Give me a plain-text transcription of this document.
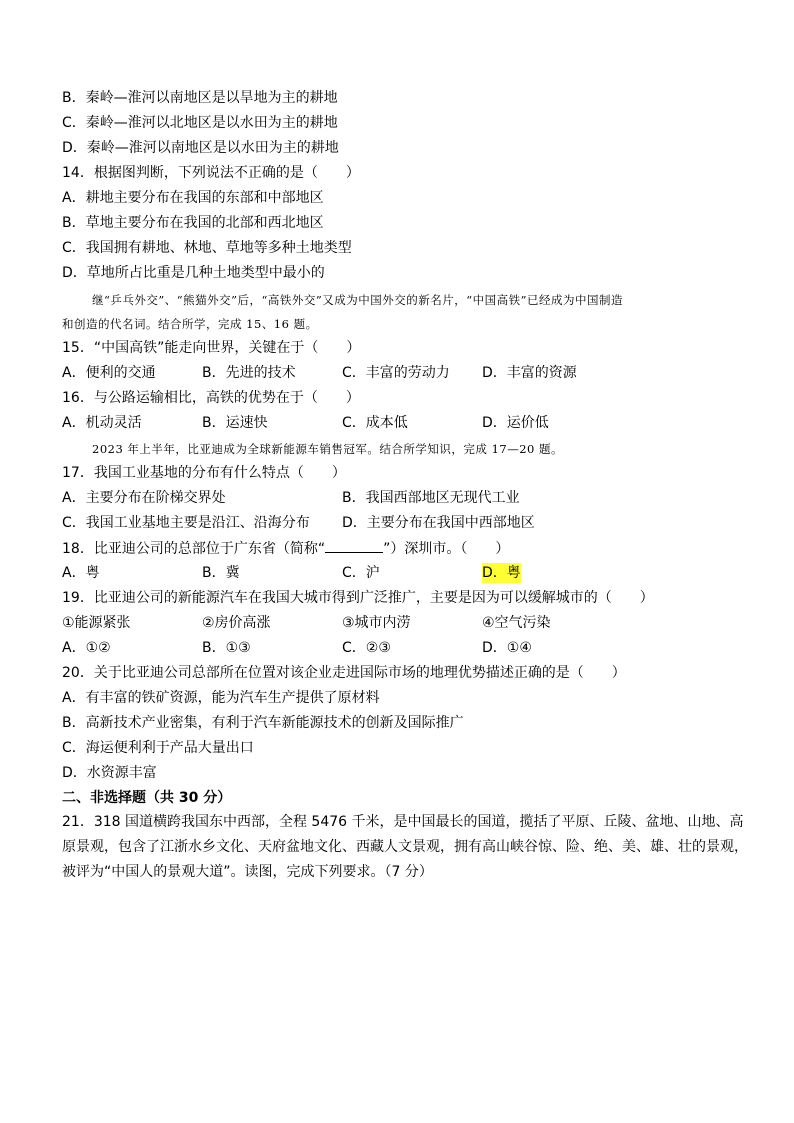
B．秦岭—淮河以南地区是以旱地为主的耕地
C．秦岭—淮河以北地区是以水田为主的耕地
D．秦岭—淮河以南地区是以水田为主的耕地
14．根据图判断，下列说法不正确的是（　　）
A．耕地主要分布在我国的东部和中部地区
B．草地主要分布在我国的北部和西北地区
C．我国拥有耕地、林地、草地等多种土地类型
D．草地所占比重是几种土地类型中最小的
继“乒乓外交”、“熊猫外交”后，“高铁外交”又成为中国外交的新名片，“中国高铁”已经成为中国制造
和创造的代名词。结合所学，完成 15、16 题。
15．“中国高铁”能走向世界，关键在于（　　）
A．便利的交通	B．先进的技术	C．丰富的劳动力 D．丰富的资源
16．与公路运输相比，高铁的优势在于（　　）
A．机动灵活	B．运速快	C．成本低	D．运价低
2023 年上半年，比亚迪成为全球新能源车销售冠军。结合所学知识，完成 17—20 题。
17．我国工业基地的分布有什么特点（　　）
A．主要分布在阶梯交界处	B．我国西部地区无现代工业
C．我国工业基地主要是沿江、沿海分布 D．主要分布在我国中西部地区
18．比亚迪公司的总部位于广东省（简称“	”）深圳市。（　　）
A．粤	B．冀	C．沪	D．粤
19．比亚迪公司的新能源汽车在我国大城市得到广泛推广，主要是因为可以缓解城市的（　　）
①能源紧张	②房价高涨	③城市内涝	④空气污染
A．①②	B．①③	C．②③	D．①④
20．关于比亚迪公司总部所在位置对该企业走进国际市场的地理优势描述正确的是（　　）
A．有丰富的铁矿资源，能为汽车生产提供了原材料
B．高新技术产业密集，有利于汽车新能源技术的创新及国际推广
C．海运便利利于产品大量出口
D．水资源丰富
二、非选择题（共 30 分）
21．318 国道横跨我国东中西部，全程 5476 千米，是中国最长的国道，揽括了平原、丘陵、盆地、山地、高原景观，包含了江浙水乡文化、天府盆地文化、西藏人文景观，拥有高山峡谷惊、险、绝、美、雄、壮的景观，被评为“中国人的景观大道”。读图，完成下列要求。（7 分）
